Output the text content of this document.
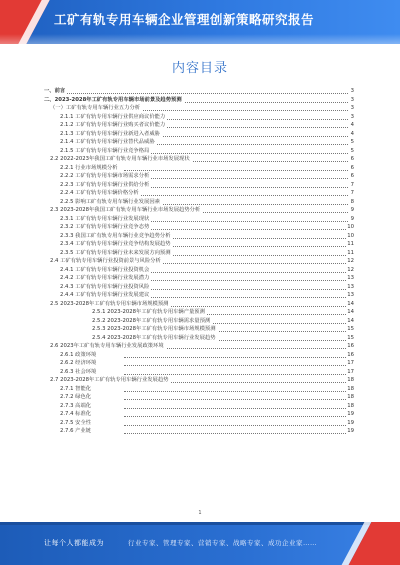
工矿有轨专用车辆企业管理创新策略研究报告
内容目录
一、前言	3
二、2023-2028年工矿有轨专用车辆市场前景及趋势预测	3
（一）工矿有轨专用车辆行业五力分析	3
2.1.1 工矿有轨专用车辆行业供应商议价能力	3
2.1.2 工矿有轨专用车辆行业购买者议价能力	4
2.1.3 工矿有轨专用车辆行业新进入者威胁	4
2.1.4 工矿有轨专用车辆行业替代品威胁	5
2.1.5 工矿有轨专用车辆行业竞争格局	5
2.2 2022-2023年我国工矿有轨专用车辆行业市场发展现状	6
2.2.1 行业市场规模分析	6
2.2.2 工矿有轨专用车辆市场需求分析	6
2.2.3 工矿有轨专用车辆行业供给分析	7
2.2.4 工矿有轨专用车辆价格分析	7
2.2.5 影响工矿有轨专用车辆行业发展因素	8
2.3 2023-2028年我国工矿有轨专用车辆行业市场发展趋势分析	9
2.3.1 工矿有轨专用车辆行业发展现状	9
2.3.2 工矿有轨专用车辆行业竞争态势	10
2.3.3 我国工矿有轨专用车辆行业竞争趋势分析	10
2.3.4 工矿有轨专用车辆行业竞争结构发展趋势	11
2.3.5 工矿有轨专用车辆行业未来发展方向预测	11
2.4 工矿有轨专用车辆行业投资前景与风险分析	12
2.4.1 工矿有轨专用车辆行业投资机会	12
2.4.2 工矿有轨专用车辆行业发展潜力	13
2.4.3 工矿有轨专用车辆行业投资风险	13
2.4.4 工矿有轨专用车辆行业发展建议	13
2.5 2023-2028年工矿有轨专用车辆市场规模预测	14
2.5.1 2023-2028年工矿有轨专用车辆产量预测	14
2.5.2 2023-2028年工矿有轨专用车辆需求量预测	14
2.5.3 2023-2028年工矿有轨专用车辆市场规模预测	15
2.5.4 2023-2028年工矿有轨专用车辆行业发展趋势	15
2.6 2023年工矿有轨专用车辆行业发展政策环境	16
2.6.1 政策环境	16
2.6.2 经济环境	17
2.6.3 社会环境	17
2.7 2023-2028年工矿有轨专用车辆行业发展趋势	18
2.7.1 智能化	18
2.7.2 绿色化	18
2.7.3 高端化	18
2.7.4 标准化	19
2.7.5 安全性	19
2.7.6 产业链	19
1
让每个人都能成为	行业专家、管理专家、营销专家、战略专家、成功企业家……
